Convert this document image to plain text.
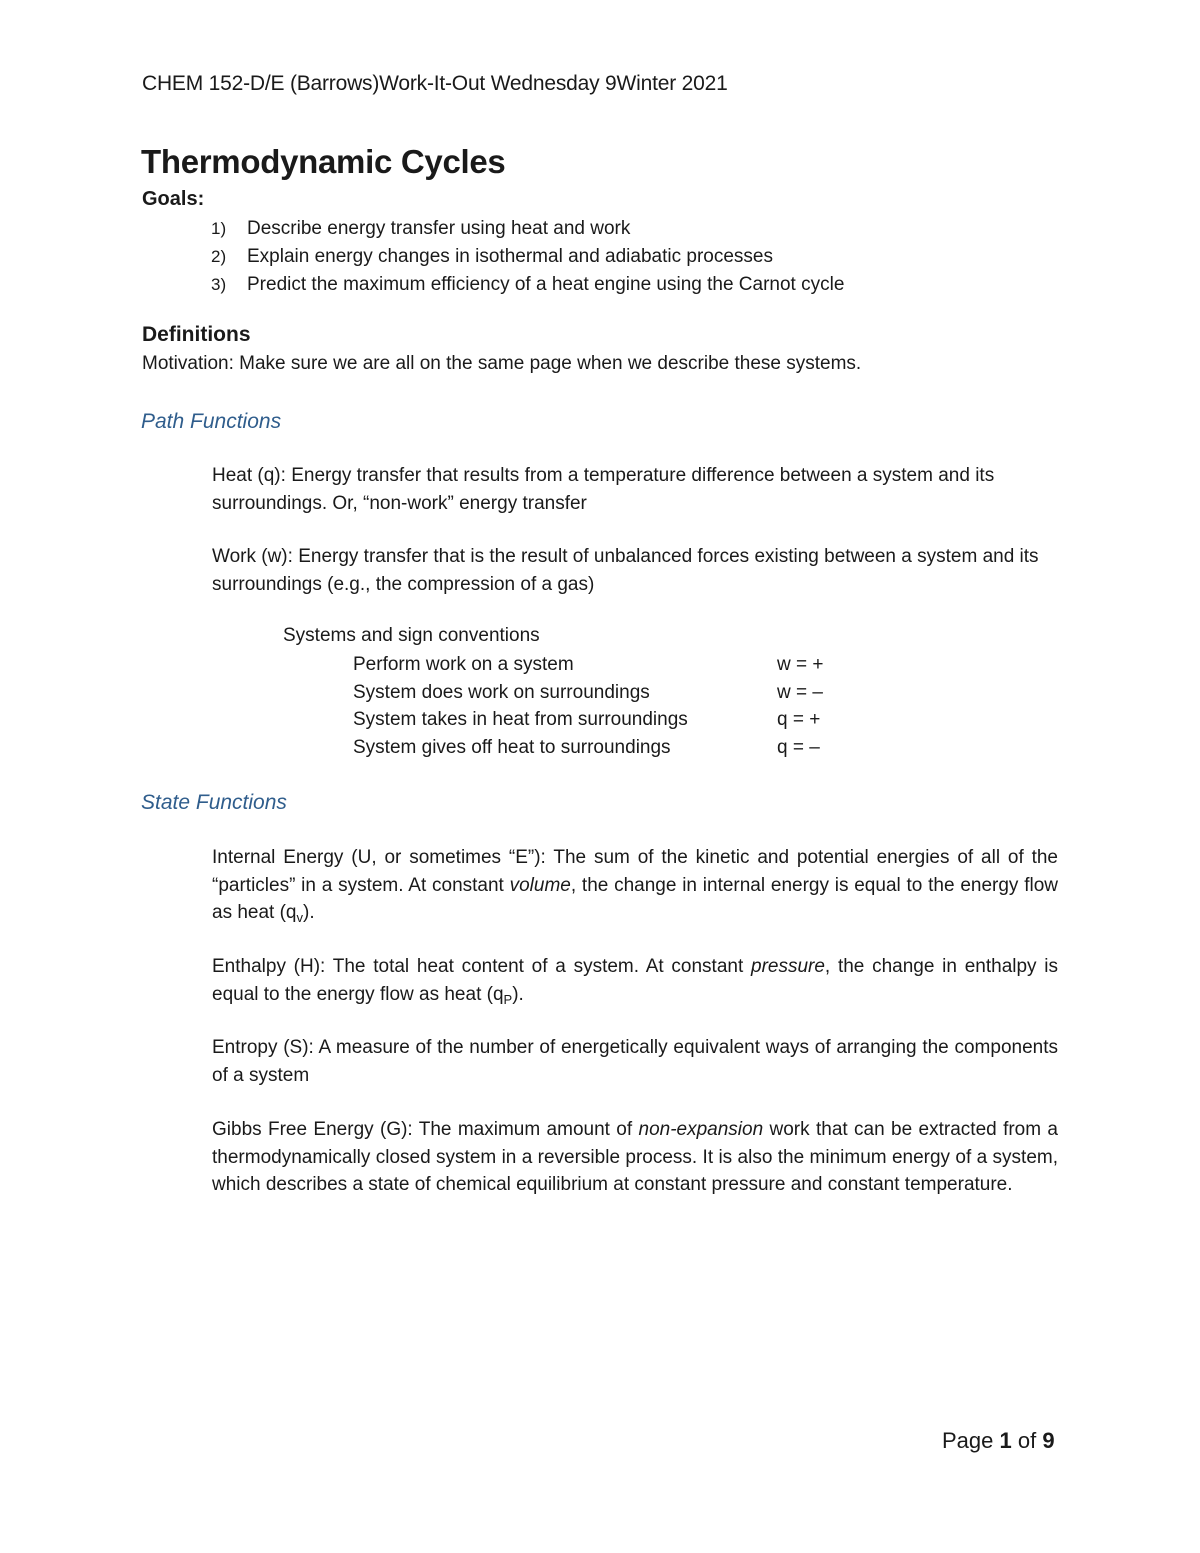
CHEM 152-D/E (Barrows)Work-It-Out Wednesday 9Winter 2021
Thermodynamic Cycles
Goals:
1) Describe energy transfer using heat and work
2) Explain energy changes in isothermal and adiabatic processes
3) Predict the maximum efficiency of a heat engine using the Carnot cycle
Definitions
Motivation: Make sure we are all on the same page when we describe these systems.
Path Functions
Heat (q): Energy transfer that results from a temperature difference between a system and its surroundings. Or, “non-work” energy transfer
Work (w): Energy transfer that is the result of unbalanced forces existing between a system and its surroundings (e.g., the compression of a gas)
Systems and sign conventions
Perform work on a system	w = +
System does work on surroundings	w = –
System takes in heat from surroundings	q = +
System gives off heat to surroundings	q = –
State Functions
Internal Energy (U, or sometimes “E”): The sum of the kinetic and potential energies of all of the “particles” in a system. At constant volume, the change in internal energy is equal to the energy flow as heat $(q_v)$.
Enthalpy (H): The total heat content of a system. At constant pressure, the change in enthalpy is equal to the energy flow as heat $(q_P)$.
Entropy (S): A measure of the number of energetically equivalent ways of arranging the components of a system
Gibbs Free Energy (G): The maximum amount of non-expansion work that can be extracted from a thermodynamically closed system in a reversible process. It is also the minimum energy of a system, which describes a state of chemical equilibrium at constant pressure and constant temperature.
Page 1 of 9
